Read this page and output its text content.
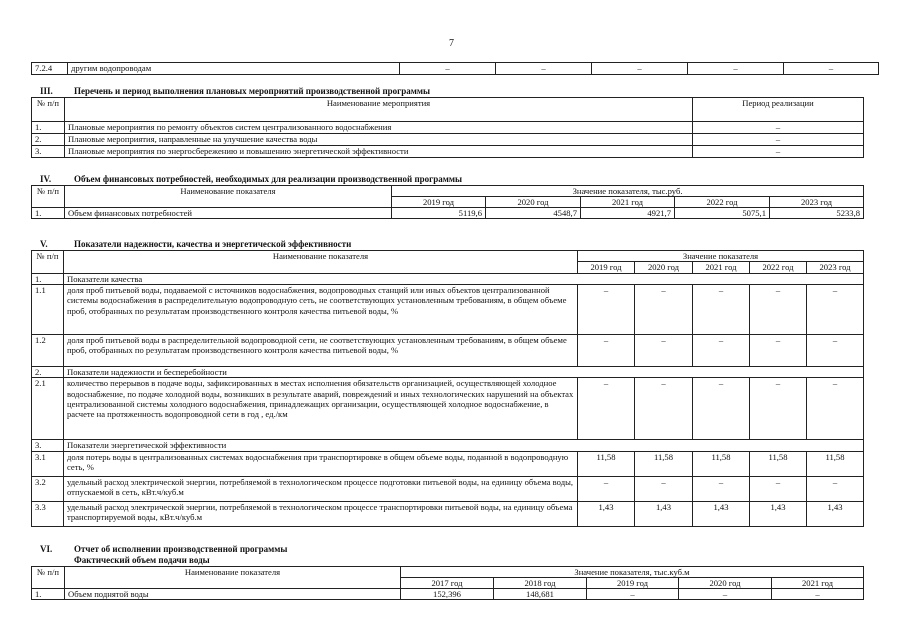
7
7.2.4	другим водопроводам	–	–	–	–	–
III. Перечень и период выполнения плановых мероприятий производственной программы
№ п/п	Наименование мероприятия	Период реализации
1.	Плановые мероприятия по ремонту объектов систем централизованного водоснабжения	–
2.	Плановые мероприятия, направленные на улучшение качества воды	–
3.	Плановые мероприятия по энергосбережению и повышению энергетической эффективности	–
IV.	Объем финансовых потребностей, необходимых для реализации производственной программы
№ п/п	Наименование показателя	Значение показателя, тыс.руб.				
		2019 год	2020 год	2021 год	2022 год	2023 год
1.	Объем финансовых потребностей	5119,6	4548,7	4921,7	5075,1	5233,8
V.	Показатели надежности, качества и энергетической эффективности
№ п/п	Наименование показателя	Значение показателя				
		2019 год	2020 год	2021 год	2022 год	2023 год
1.	Показатели качества					
1.1	доля проб питьевой воды, подаваемой с источников водоснабжения, водопроводных станций или иных объектов централизованной системы водоснабжения в распределительную водопроводную сеть, не соответствующих установленным требованиям, в общем объеме проб, отобранных по результатам производственного контроля качества питьевой воды, %	–	–	–	–	–
1.2	доля проб питьевой воды в распределительной водопроводной сети, не соответствующих установленным требованиям, в общем объеме проб, отобранных по результатам производственного контроля качества питьевой воды, %	–	–	–	–	–
2.	Показатели надежности и бесперебойности					
2.1	количество перерывов в подаче воды, зафиксированных в местах исполнения обязательств организацией, осуществляющей холодное водоснабжение, по подаче холодной воды, возникших в результате аварий, повреждений и иных технологических нарушений на объектах централизованной системы холодного водоснабжения, принадлежащих организации, осуществляющей холодное водоснабжение, в расчете на протяженность водопроводной сети в год , ед./км	–	–	–	–	–
3.	Показатели энергетической эффективности					
3.1	доля потерь воды в централизованных системах водоснабжения при транспортировке в общем объеме воды, поданной в водопроводную сеть, %	11,58	11,58	11,58	11,58	11,58
3.2	удельный расход электрической энергии, потребляемой в технологическом процессе подготовки питьевой воды, на единицу объема воды, отпускаемой в сеть, кВт.ч/куб.м	–	–	–	–	–
3.3	удельный расход электрической энергии, потребляемой в технологическом процессе транспортировки питьевой воды, на единицу объема транспортируемой воды, кВт.ч/куб.м	1,43	1,43	1,43	1,43	1,43
VI. Отчет об исполнении производственной программы
Фактический объем подачи воды
№ п/п	Наименование показателя	Значение показателя, тыс.куб.м				
		2017 год	2018 год	2019 год	2020 год	2021 год
1.	Объем поднятой воды	152,396	148,681	–	–	–
